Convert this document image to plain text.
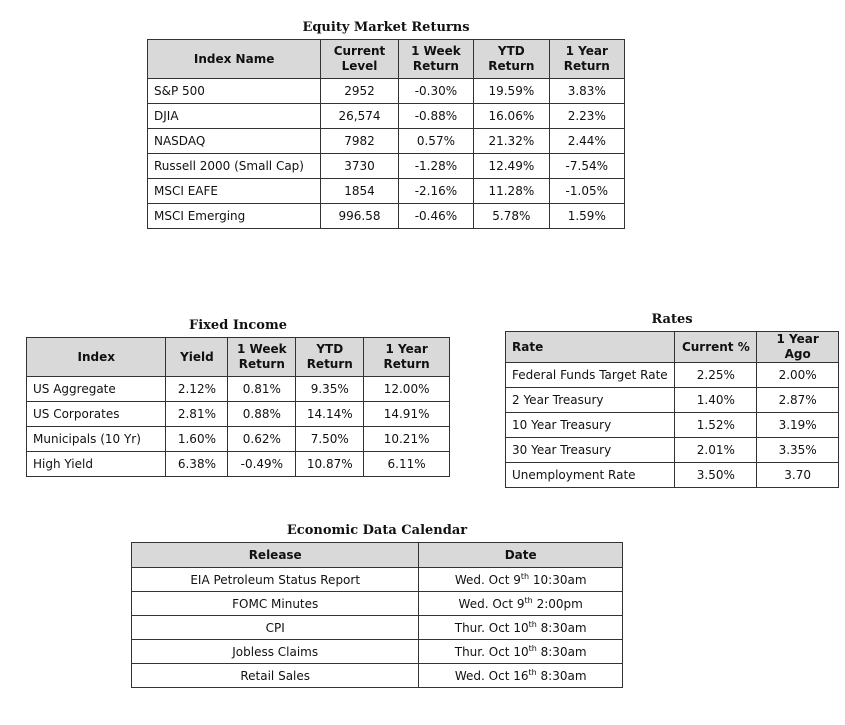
Equity Market Returns
Index Name	Current Level	1 Week Return	YTD Return	1 Year Return
S&P 500	2952	-0.30%	19.59%	3.83%
DJIA	26,574	-0.88%	16.06%	2.23%
NASDAQ	7982	0.57%	21.32%	2.44%
Russell 2000 (Small Cap)	3730	-1.28%	12.49%	-7.54%
MSCI EAFE	1854	-2.16%	11.28%	-1.05%
MSCI Emerging	996.58	-0.46%	5.78%	1.59%
Fixed Income
Index	Yield	1 Week Return	YTD Return	1 Year Return
US Aggregate	2.12%	0.81%	9.35%	12.00%
US Corporates	2.81%	0.88%	14.14%	14.91%
Municipals (10 Yr)	1.60%	0.62%	7.50%	10.21%
High Yield	6.38%	-0.49%	10.87%	6.11%
Rates
Rate	Current %	1 Year Ago
Federal Funds Target Rate	2.25%	2.00%
2 Year Treasury	1.40%	2.87%
10 Year Treasury	1.52%	3.19%
30 Year Treasury	2.01%	3.35%
Unemployment Rate	3.50%	3.70
Economic Data Calendar
Release	Date
EIA Petroleum Status Report	Wed. Oct 9th 10:30am
FOMC Minutes	Wed. Oct 9th 2:00pm
CPI	Thur. Oct 10th 8:30am
Jobless Claims	Thur. Oct 10th 8:30am
Retail Sales	Wed. Oct 16th 8:30am
